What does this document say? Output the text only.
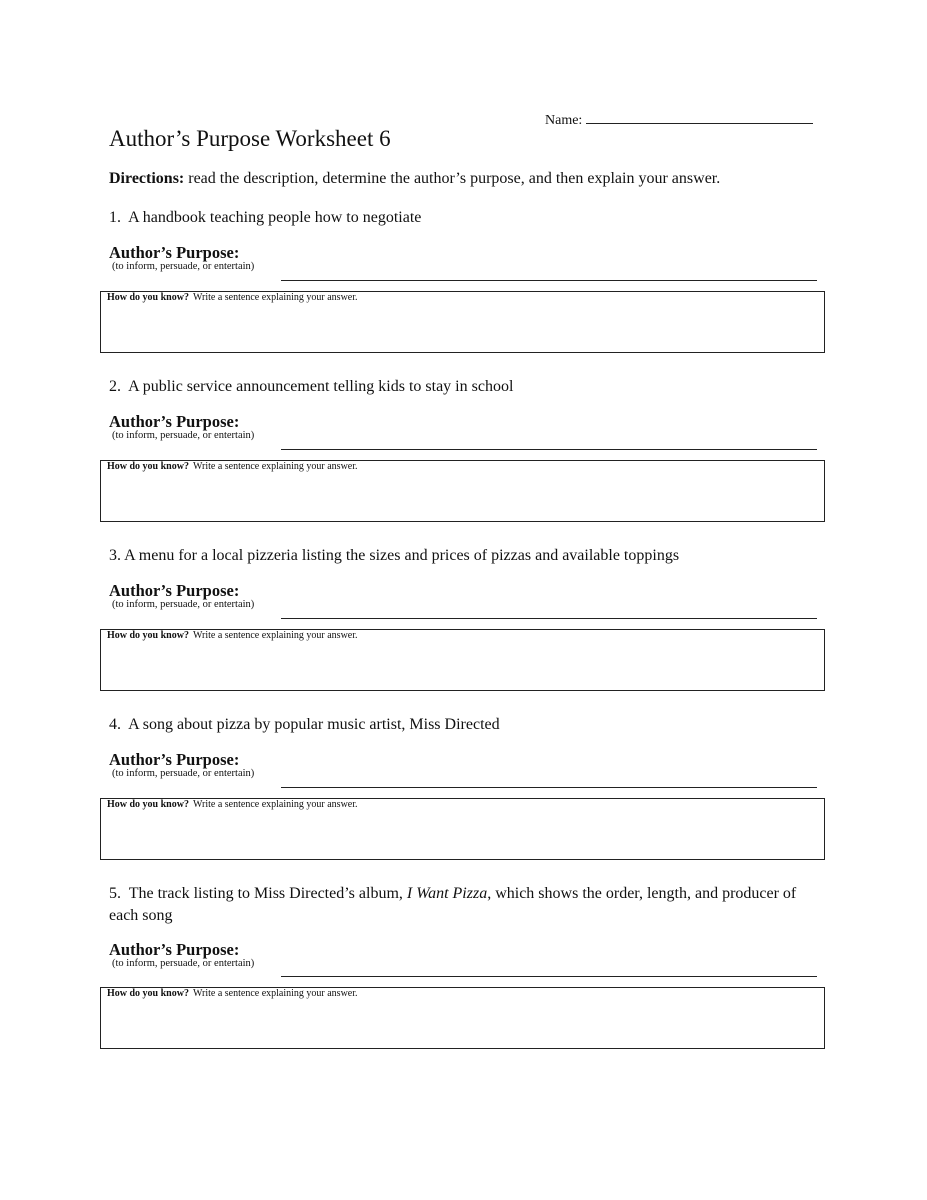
Name:
Author’s Purpose Worksheet 6
Directions: read the description, determine the author’s purpose, and then explain your answer.
1. A handbook teaching people how to negotiate
Author’s Purpose:
(to inform, persuade, or entertain)
How do you know? Write a sentence explaining your answer.
2. A public service announcement telling kids to stay in school
Author’s Purpose:
(to inform, persuade, or entertain)
How do you know? Write a sentence explaining your answer.
3. A menu for a local pizzeria listing the sizes and prices of pizzas and available toppings
Author’s Purpose:
(to inform, persuade, or entertain)
How do you know? Write a sentence explaining your answer.
4. A song about pizza by popular music artist, Miss Directed
Author’s Purpose:
(to inform, persuade, or entertain)
How do you know? Write a sentence explaining your answer.
5. The track listing to Miss Directed’s album, I Want Pizza, which shows the order, length, and producer of each song
Author’s Purpose:
(to inform, persuade, or entertain)
How do you know? Write a sentence explaining your answer.
